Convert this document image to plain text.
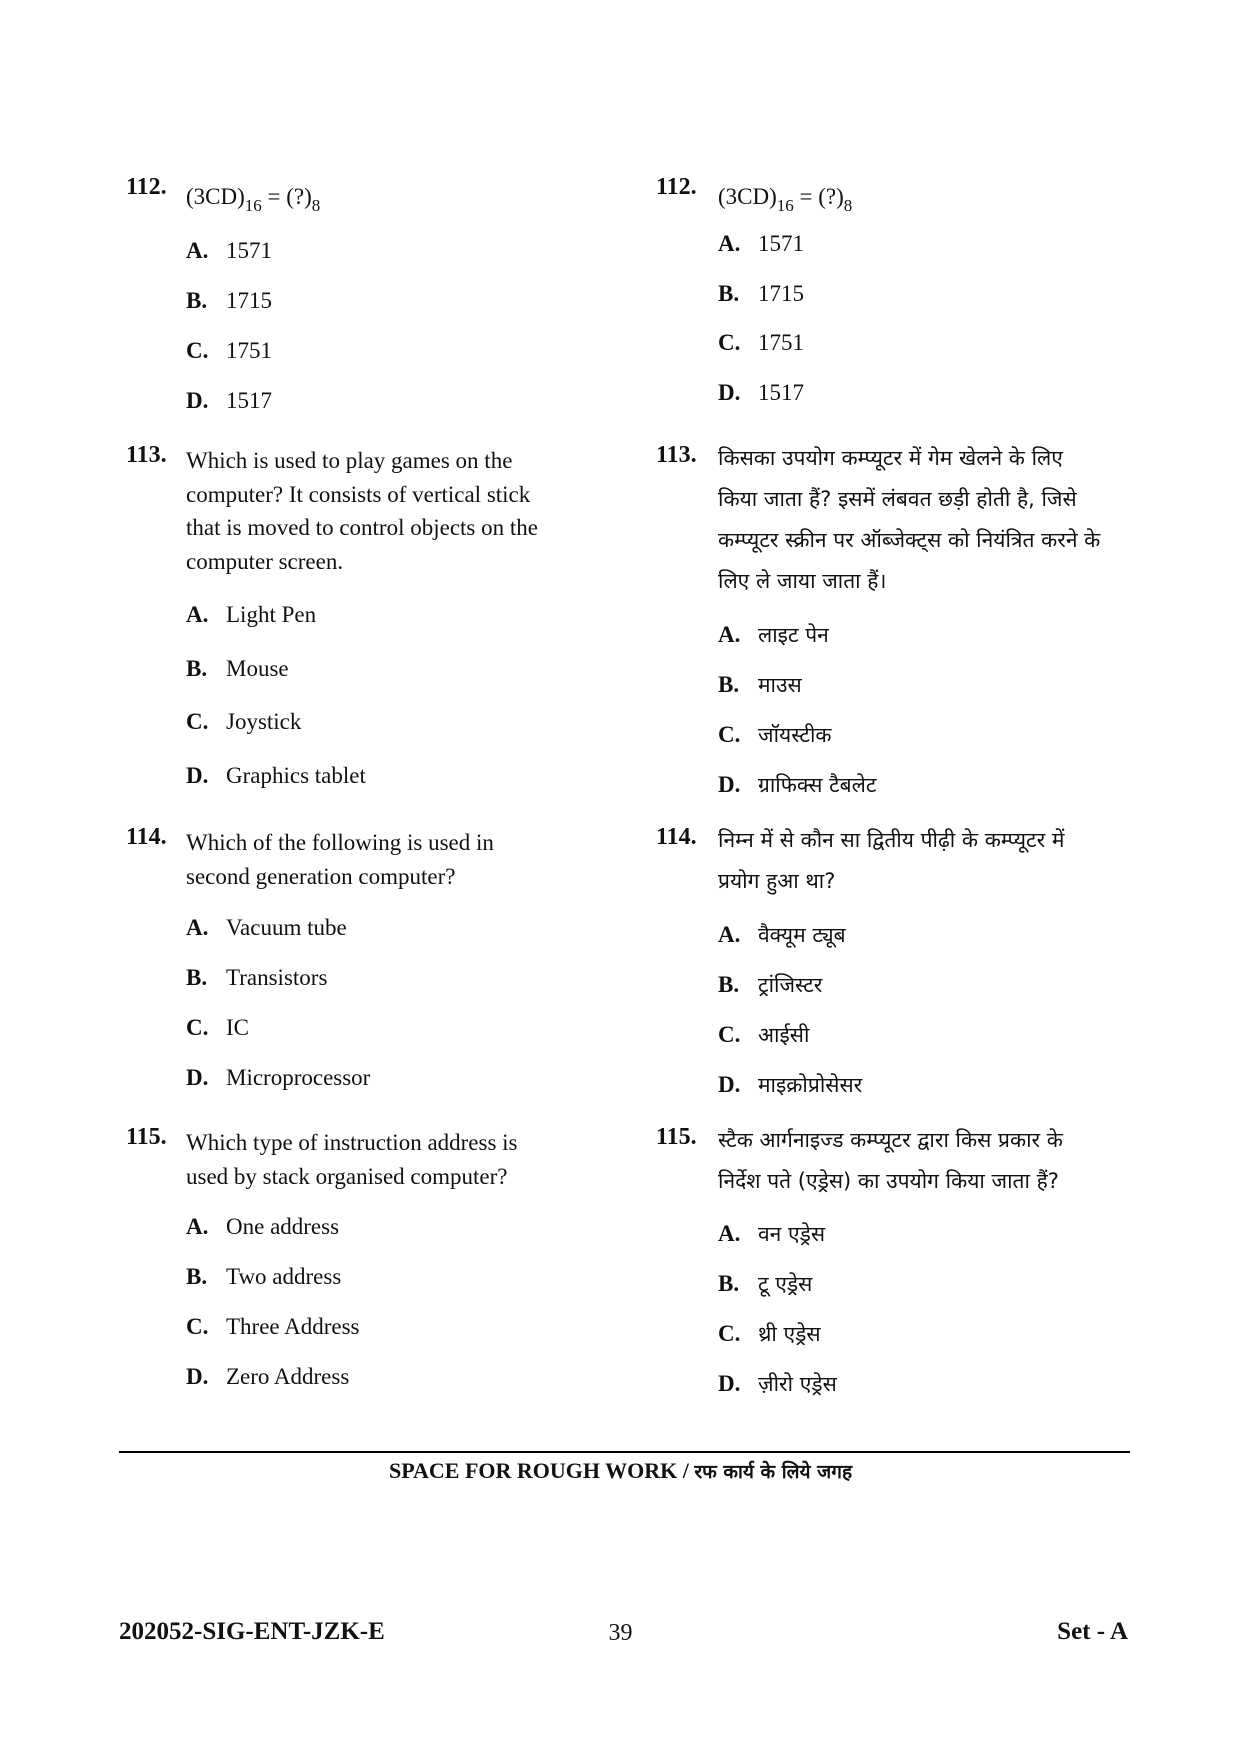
112. $(3CD)_{16}$ = $(?)_8$
A. 1571
B. 1715
C. 1751
D. 1517
113. Which is used to play games on the
computer? It consists of vertical stick
that is moved to control objects on the
computer screen.
A. Light Pen
B. Mouse
C. Joystick
D. Graphics tablet
114. Which of the following is used in
second generation computer?
A. Vacuum tube
B. Transistors
C. IC
D. Microprocessor
115. Which type of instruction address is
used by stack organised computer?
A. One address
B. Two address
C. Three Address
D. Zero Address
112. $(3CD)_{16}$ = $(?)_8$
A. 1571
B. 1715
C. 1751
D. 1517
113. किसका उपयोग कम्प्यूटर में गेम खेलने के लिए
किया जाता हैं? इसमें लंबवत छड़ी होती है, जिसे
कम्प्यूटर स्क्रीन पर ऑब्जेक्ट्स को नियंत्रित करने के
लिए ले जाया जाता हैं।
A. लाइट पेन
B. माउस
C. जॉयस्टीक
D. ग्राफिक्स टैबलेट
114. निम्न में से कौन सा द्वितीय पीढ़ी के कम्प्यूटर में
प्रयोग हुआ था?
A. वैक्यूम ट्यूब
B. ट्रांजिस्टर
C. आईसी
D. माइक्रोप्रोसेसर
115. स्टैक आर्गनाइज्ड कम्प्यूटर द्वारा किस प्रकार के
निर्देश पते (एड्रेस) का उपयोग किया जाता हैं?
A. वन एड्रेस
B. टू एड्रेस
C. थ्री एड्रेस
D. ज़ीरो एड्रेस
SPACE FOR ROUGH WORK / रफ कार्य के लिये जगह
202052-SIG-ENT-JZK-E	39	Set - A
